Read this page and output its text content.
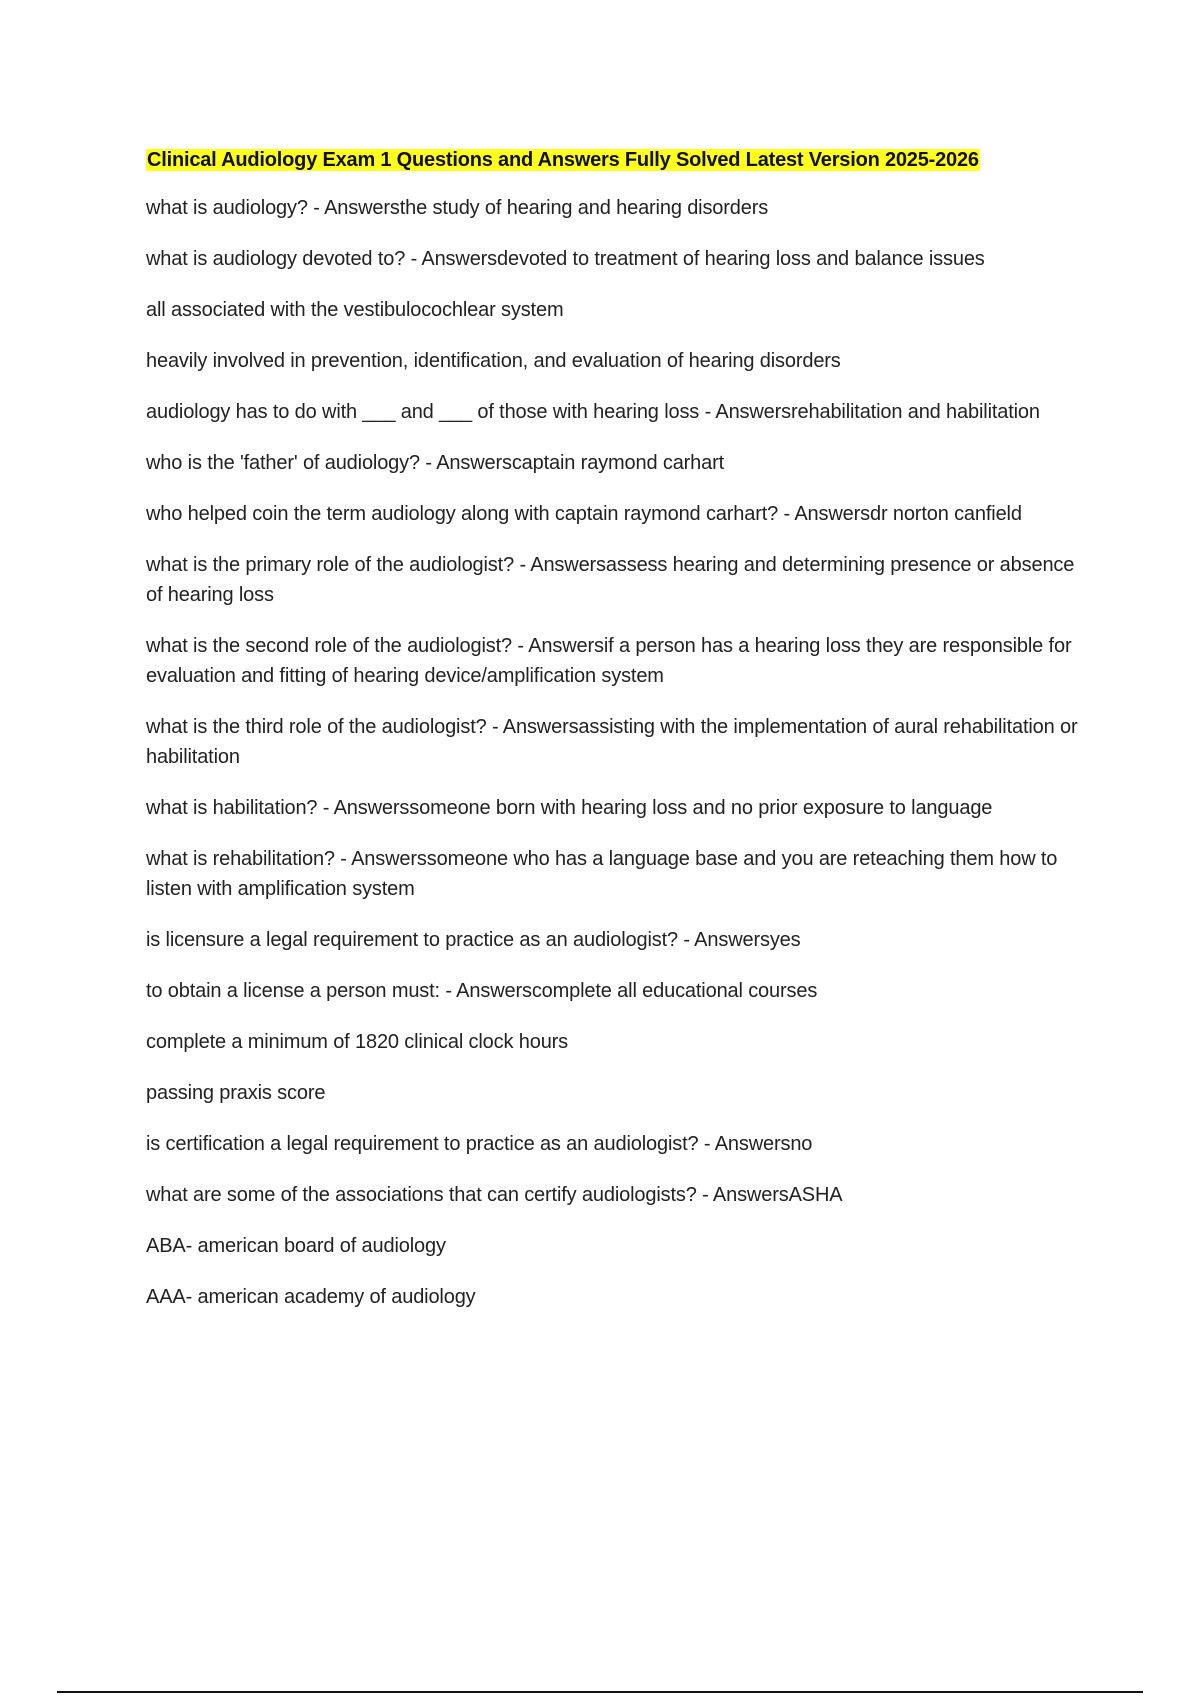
Clinical Audiology Exam 1 Questions and Answers Fully Solved Latest Version 2025-2026

what is audiology? - Answersthe study of hearing and hearing disorders

what is audiology devoted to? - Answersdevoted to treatment of hearing loss and balance issues

all associated with the vestibulocochlear system

heavily involved in prevention, identification, and evaluation of hearing disorders

audiology has to do with ___ and ___ of those with hearing loss - Answersrehabilitation and habilitation

who is the 'father' of audiology? - Answerscaptain raymond carhart

who helped coin the term audiology along with captain raymond carhart? - Answersdr norton canfield

what is the primary role of the audiologist? - Answersassess hearing and determining presence or absence of hearing loss

what is the second role of the audiologist? - Answersif a person has a hearing loss they are responsible for evaluation and fitting of hearing device/amplification system

what is the third role of the audiologist? - Answersassisting with the implementation of aural rehabilitation or habilitation

what is habilitation? - Answerssomeone born with hearing loss and no prior exposure to language

what is rehabilitation? - Answerssomeone who has a language base and you are reteaching them how to listen with amplification system

is licensure a legal requirement to practice as an audiologist? - Answersyes

to obtain a license a person must: - Answerscomplete all educational courses

complete a minimum of 1820 clinical clock hours

passing praxis score

is certification a legal requirement to practice as an audiologist? - Answersno

what are some of the associations that can certify audiologists? - AnswersASHA

ABA- american board of audiology

AAA- american academy of audiology
